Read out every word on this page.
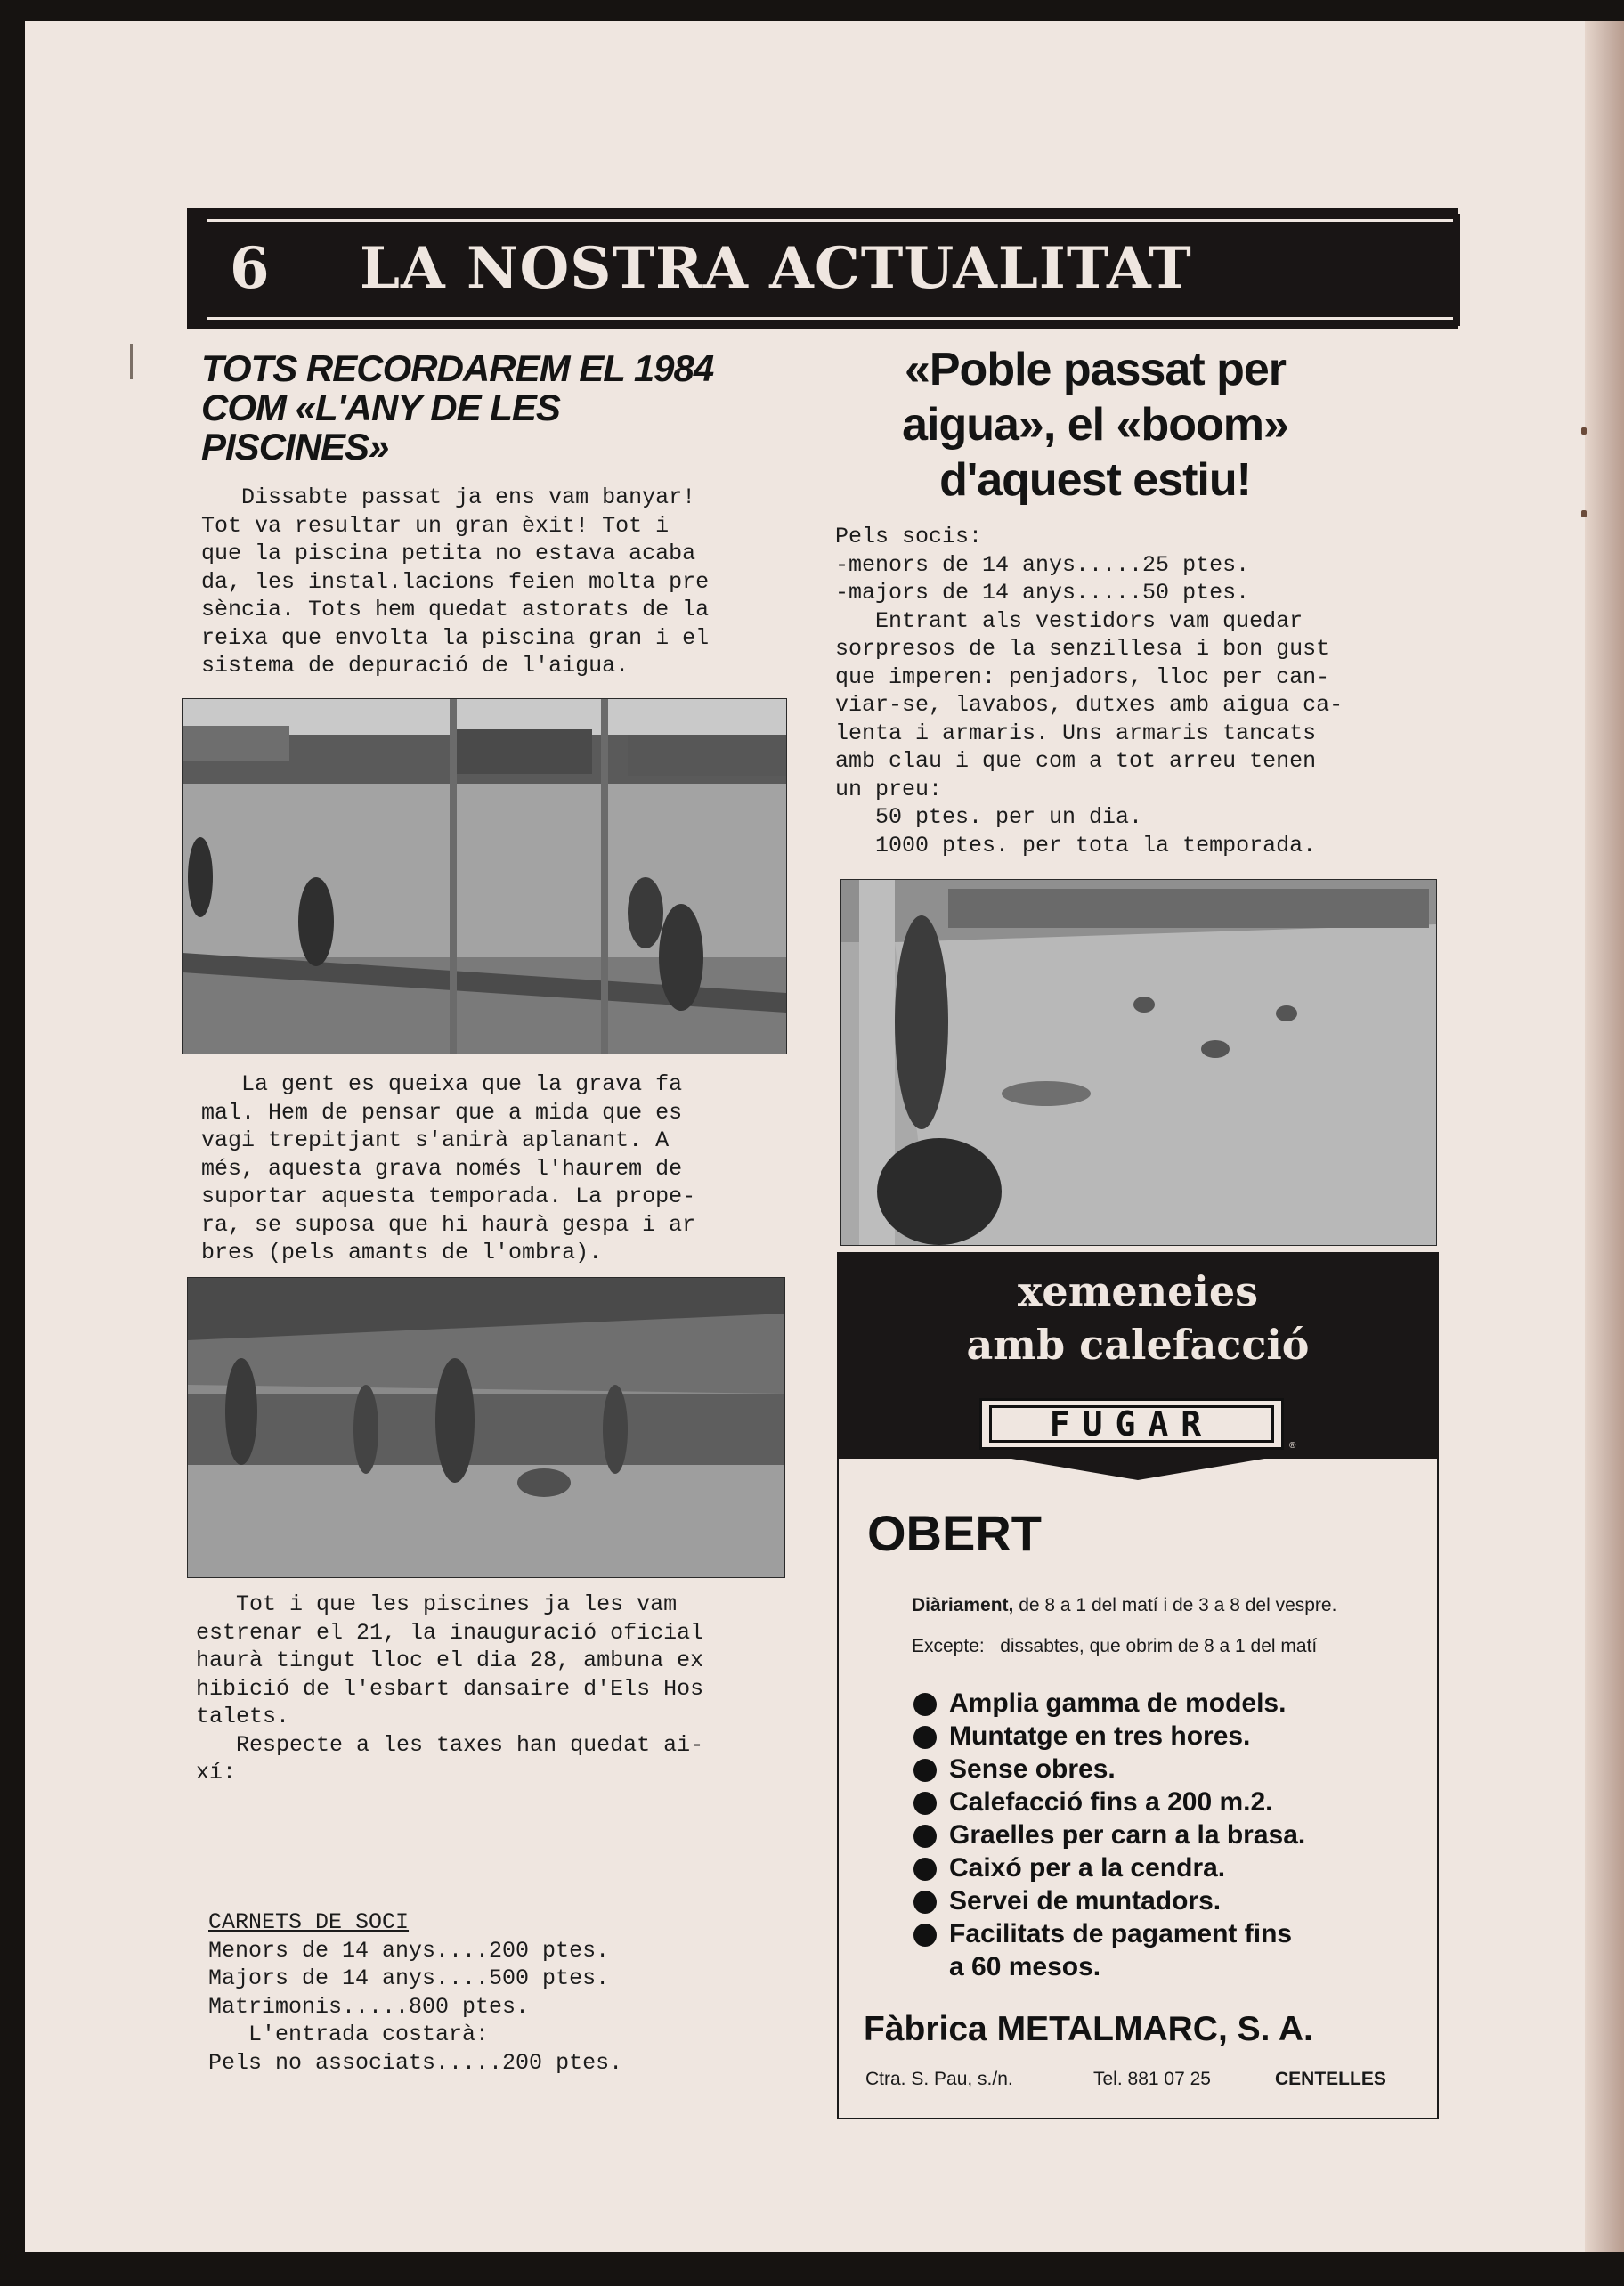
6 LA NOSTRA ACTUALITAT
TOTS RECORDAREM EL 1984
COM «L'ANY DE LES
PISCINES»
Dissabte passat ja ens vam banyar!
Tot va resultar un gran èxit! Tot i
que la piscina petita no estava acaba
da, les instal.lacions feien molta pre
sència. Tots hem quedat astorats de la
reixa que envolta la piscina gran i el
sistema de depuració de l'aigua.
La gent es queixa que la grava fa
mal. Hem de pensar que a mida que es
vagi trepitjant s'anirà aplanant. A
més, aquesta grava només l'haurem de
suportar aquesta temporada. La prope-
ra, se suposa que hi haurà gespa i ar
bres (pels amants de l'ombra).
Tot i que les piscines ja les vam
estrenar el 21, la inauguració oficial
haurà tingut lloc el dia 28, ambuna ex
hibició de l'esbart dansaire d'Els Hos
talets.
Respecte a les taxes han quedat ai-
xí:
CARNETS DE SOCI
Menors de 14 anys....200 ptes.
Majors de 14 anys....500 ptes.
Matrimonis.....800 ptes.
L'entrada costarà:
Pels no associats.....200 ptes.
«Poble passat per
aigua», el «boom»
d'aquest estiu!
Pels socis:
-menors de 14 anys.....25 ptes.
-majors de 14 anys.....50 ptes.
Entrant als vestidors vam quedar
sorpresos de la senzillesa i bon gust
que imperen: penjadors, lloc per can-
viar-se, lavabos, dutxes amb aigua ca-
lenta i armaris. Uns armaris tancats
amb clau i que com a tot arreu tenen
un preu:
50 ptes. per un dia.
1000 ptes. per tota la temporada.
xemeneies
amb calefacció
FUGAR
®
OBERT
Diàriament, de 8 a 1 del matí i de 3 a 8 del vespre.
Excepte:   dissabtes, que obrim de 8 a 1 del matí
Amplia gamma de models.
Muntatge en tres hores.
Sense obres.
Calefacció fins a 200 m.2.
Graelles per carn a la brasa.
Caixó per a la cendra.
Servei de muntadors.
Facilitats de pagament fins
a 60 mesos.
Fàbrica METALMARC, S. A.
Ctra. S. Pau, s./n.	Tel. 881 07 25	CENTELLES
